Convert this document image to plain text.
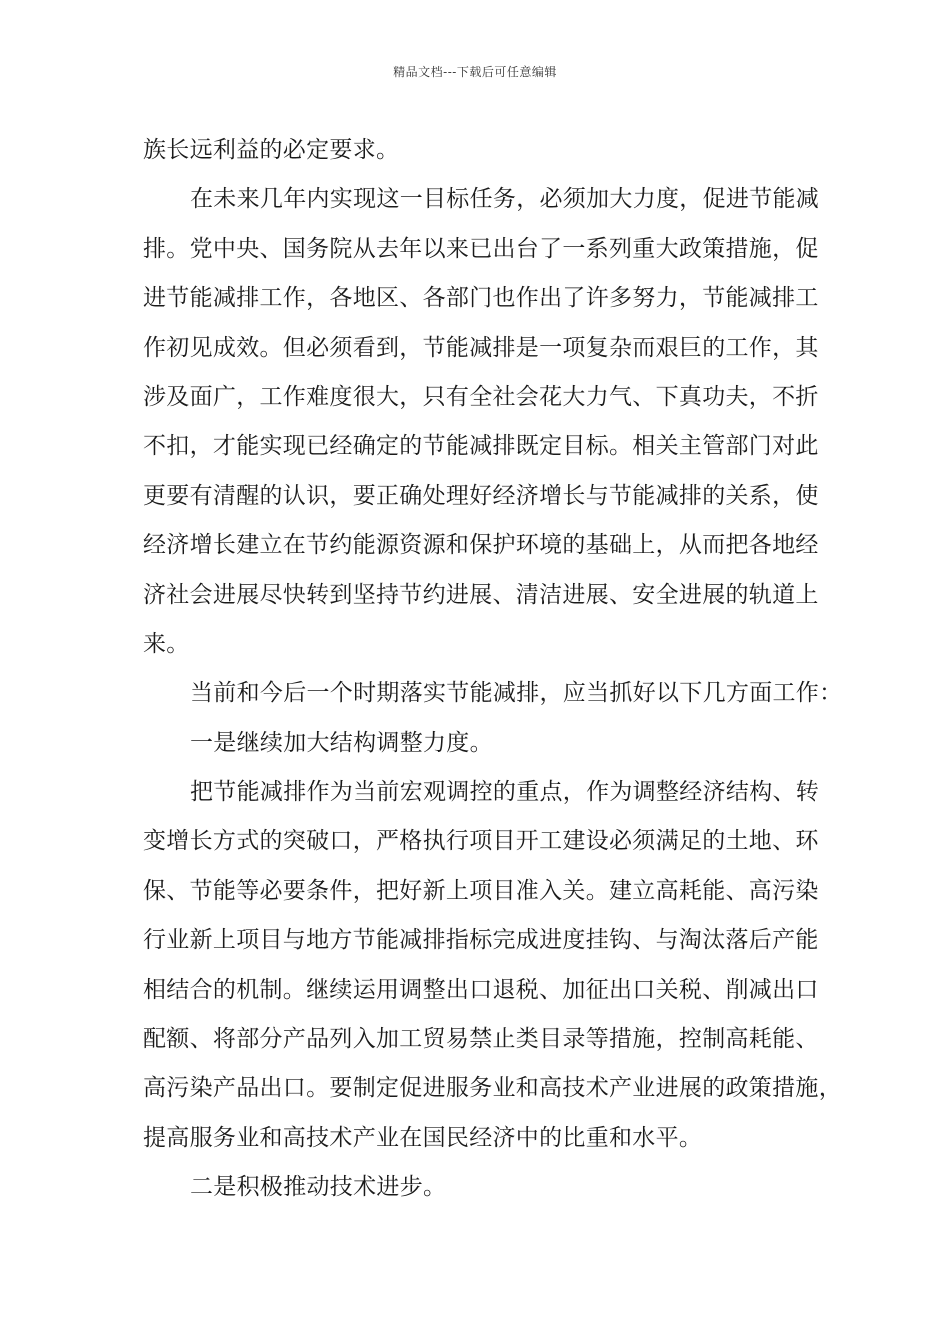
精品文档---下载后可任意编辑
族长远利益的必定要求。
在未来几年内实现这一目标任务，必须加大力度，促进节能减
排。党中央、国务院从去年以来已出台了一系列重大政策措施，促
进节能减排工作，各地区、各部门也作出了许多努力，节能减排工
作初见成效。但必须看到，节能减排是一项复杂而艰巨的工作，其
涉及面广，工作难度很大，只有全社会花大力气、下真功夫，不折
不扣，才能实现已经确定的节能减排既定目标。相关主管部门对此
更要有清醒的认识，要正确处理好经济增长与节能减排的关系，使
经济增长建立在节约能源资源和保护环境的基础上，从而把各地经
济社会进展尽快转到坚持节约进展、清洁进展、安全进展的轨道上
来。
当前和今后一个时期落实节能减排，应当抓好以下几方面工作：
一是继续加大结构调整力度。
把节能减排作为当前宏观调控的重点，作为调整经济结构、转
变增长方式的突破口，严格执行项目开工建设必须满足的土地、环
保、节能等必要条件，把好新上项目准入关。建立高耗能、高污染
行业新上项目与地方节能减排指标完成进度挂钩、与淘汰落后产能
相结合的机制。继续运用调整出口退税、加征出口关税、削减出口
配额、将部分产品列入加工贸易禁止类目录等措施，控制高耗能、
高污染产品出口。要制定促进服务业和高技术产业进展的政策措施，
提高服务业和高技术产业在国民经济中的比重和水平。
二是积极推动技术进步。
